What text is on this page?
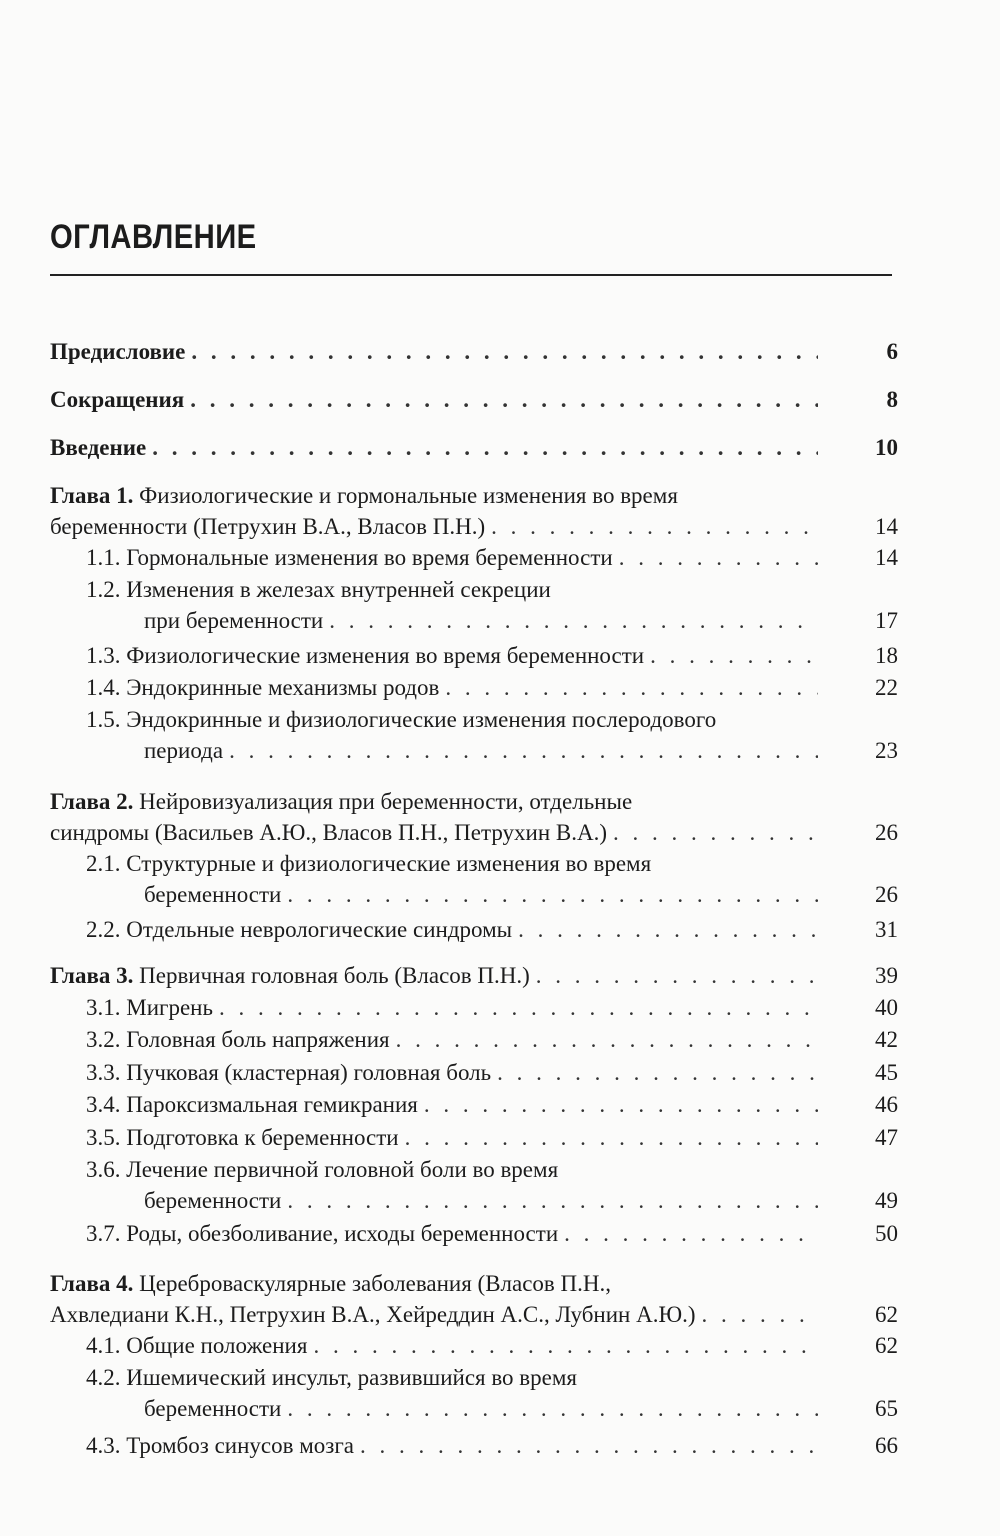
ОГЛАВЛЕНИЕ
Предисловие . . .	6
Сокращения . . .	8
Введение . . .	10
Глава 1. Физиологические и гормональные изменения во время
беременности (Петрухин В.А., Власов П.Н.) . . .	14
1.1. Гормональные изменения во время беременности . . .	14
1.2. Изменения в железах внутренней секреции
при беременности . . .	17
1.3. Физиологические изменения во время беременности . . .	18
1.4. Эндокринные механизмы родов . . .	22
1.5. Эндокринные и физиологические изменения послеродового
периода . . .	23
Глава 2. Нейровизуализация при беременности, отдельные
синдромы (Васильев А.Ю., Власов П.Н., Петрухин В.А.) . . .	26
2.1. Структурные и физиологические изменения во время
беременности . . .	26
2.2. Отдельные неврологические синдромы . . .	31
Глава 3. Первичная головная боль (Власов П.Н.) . . .	39
3.1. Мигрень . . .	40
3.2. Головная боль напряжения . . .	42
3.3. Пучковая (кластерная) головная боль . . .	45
3.4. Пароксизмальная гемикрания . . .	46
3.5. Подготовка к беременности . . .	47
3.6. Лечение первичной головной боли во время
беременности . . .	49
3.7. Роды, обезболивание, исходы беременности . . .	50
Глава 4. Цереброваскулярные заболевания (Власов П.Н.,
Ахвледиани К.Н., Петрухин В.А., Хейреддин А.С., Лубнин А.Ю.) . . .	62
4.1. Общие положения . . .	62
4.2. Ишемический инсульт, развившийся во время
беременности . . .	65
4.3. Тромбоз синусов мозга . . .	66
